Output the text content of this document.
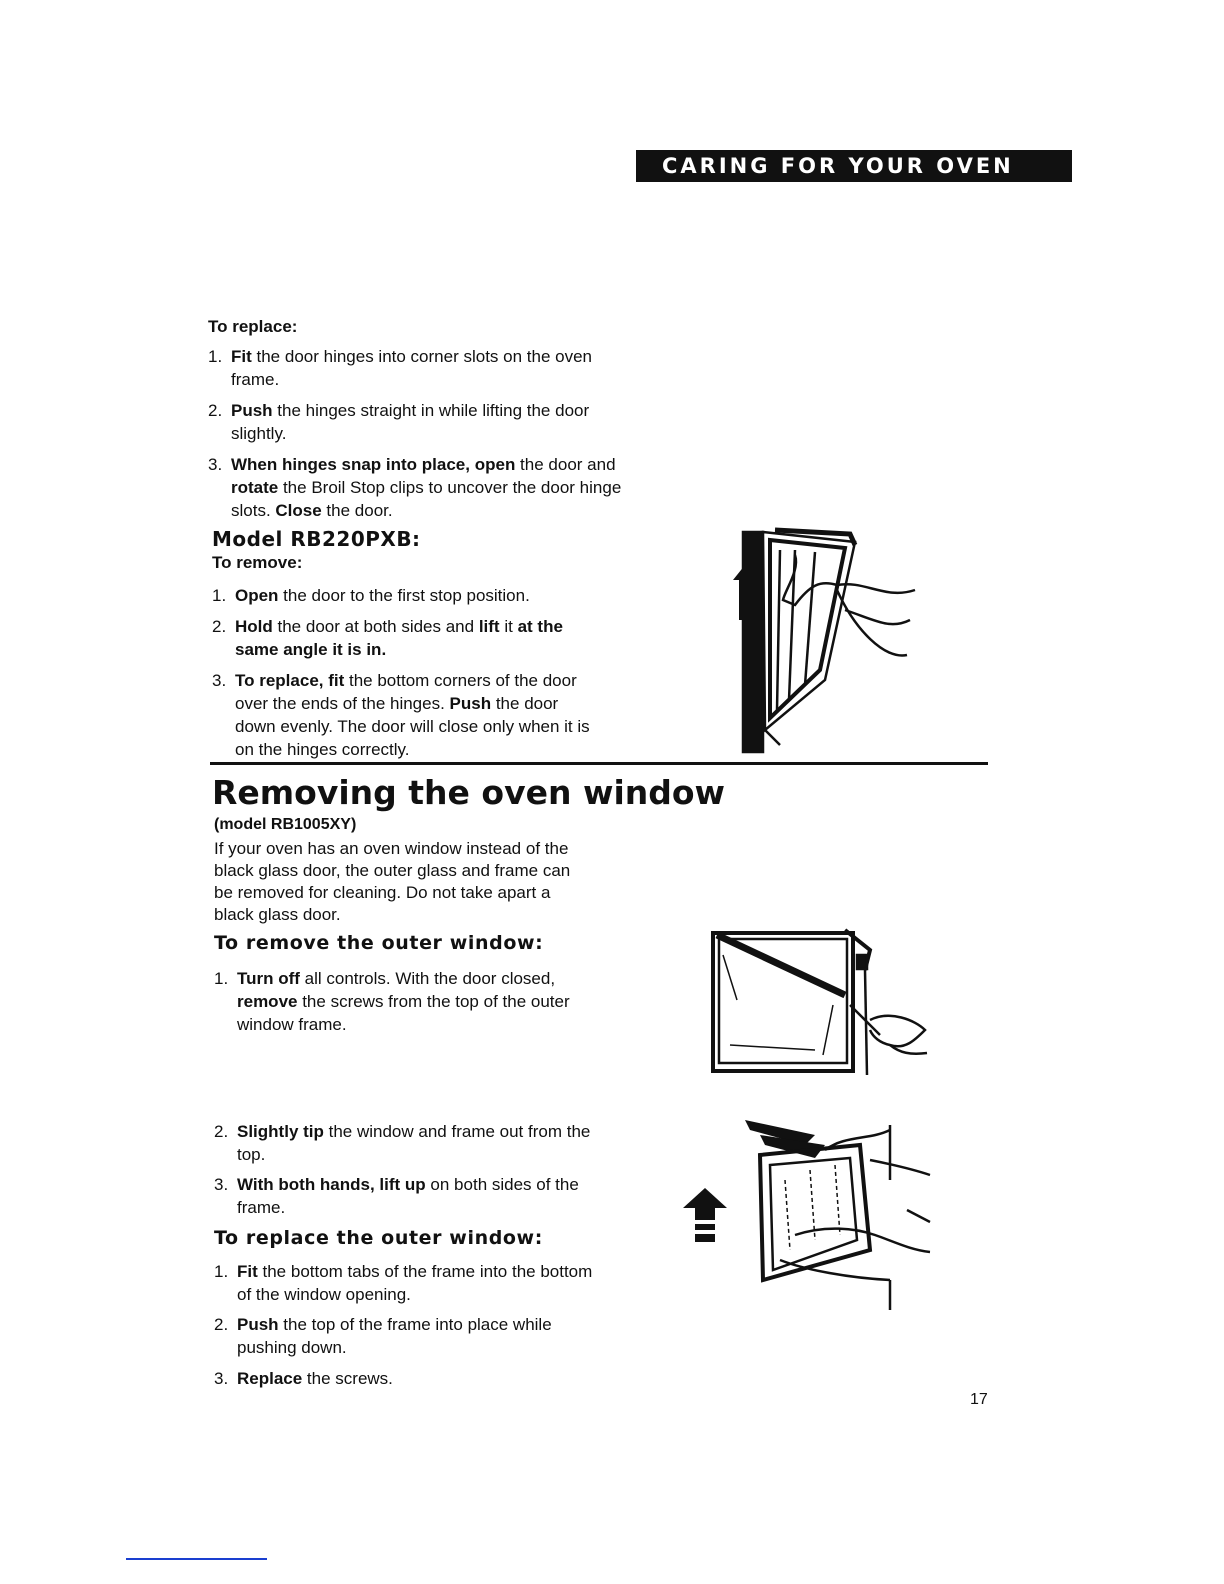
CARING FOR YOUR OVEN
To replace:
1. Fit the door hinges into corner slots on the oven frame.
2. Push the hinges straight in while lifting the door slightly.
3. When hinges snap into place, open the door and rotate the Broil Stop clips to uncover the door hinge slots. Close the door.
Model RB220PXB:
To remove:
1. Open the door to the first stop position.
2. Hold the door at both sides and lift it at the same angle it is in.
3. To replace, fit the bottom corners of the door over the ends of the hinges. Push the door down evenly. The door will close only when it is on the hinges correctly.
Removing the oven window
(model RB1005XY)
If your oven has an oven window instead of the black glass door, the outer glass and frame can be removed for cleaning. Do not take apart a black glass door.
To remove the outer window:
1. Turn off all controls. With the door closed, remove the screws from the top of the outer window frame.
2. Slightly tip the window and frame out from the top.
3. With both hands, lift up on both sides of the frame.
To replace the outer window:
1. Fit the bottom tabs of the frame into the bottom of the window opening.
2. Push the top of the frame into place while pushing down.
3. Replace the screws.
17
